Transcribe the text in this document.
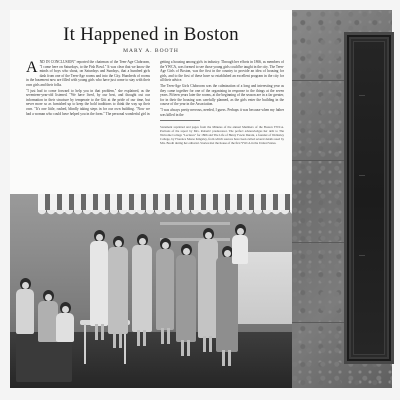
It Happened in Boston
MARY A. BOOTH

AND IN CONCLUSION" reported the chairman of the Teen-Age Clubroom, "I come here on Saturdays, to the Fish Bowl." It was clear that we know the minds of boys who shout, on Saturdays and Sundays, that a hundred girls dash from one of the Teen-Age rooms and into the City. Hundreds of rooms in the basement now are filled with young girls who have just come to stay with their own girls and their folks.

"I just had to come forward to help you in that problem," she explained, as the seventeen-year-old listened. "We have lived, by our best, and thought out our information in their structure by temperate to the Gitt at the pride of our time, but never more so as furnished up to keep the bold traditions to think the way up their own. "It's one little, rushed, blindly taking steps in for our own building. "Now we had a woman who could have helped you in the form." The personal wonderful girl in

getting a housing among girls in industry. Through her efforts in 1866, as members of the YWCA, was formed to see those young girls could be taught in the city. The Teen-Age Girls of Boston, was the first in the country to provide an idea of housing for girls, and to the first of these have so established an excellent program in the city for all their advice.

The Teen-Age Girls Clubroom was the culmination of a long and interesting year as they came together for one of the organizing in response to the things at the seven years. Fifteen years later the rooms, at the beginning of the season are in a far greater, for in their the housing was carefully planned, as the girls enter the building in the course of the year in the Association.

"I was always pretty nervous, needed, I guess. Perhaps it was because when my father was killed in the

Statement reprinted and pages from the Minutes of the annual Members of the Boston YWCA. Portions of the report by Mrs. Roberts' predecessor. The perfect acknowledges her debt to The Welcome College "Lectures" for 1866 and The Life of Henry Fowle Durant, a founder of Wellesley College, by Florence Morse Kingsley, from which sources have been culled several details used by Mrs. Booth during her editorial. Stories met the house of the first YWCA in the United States.
